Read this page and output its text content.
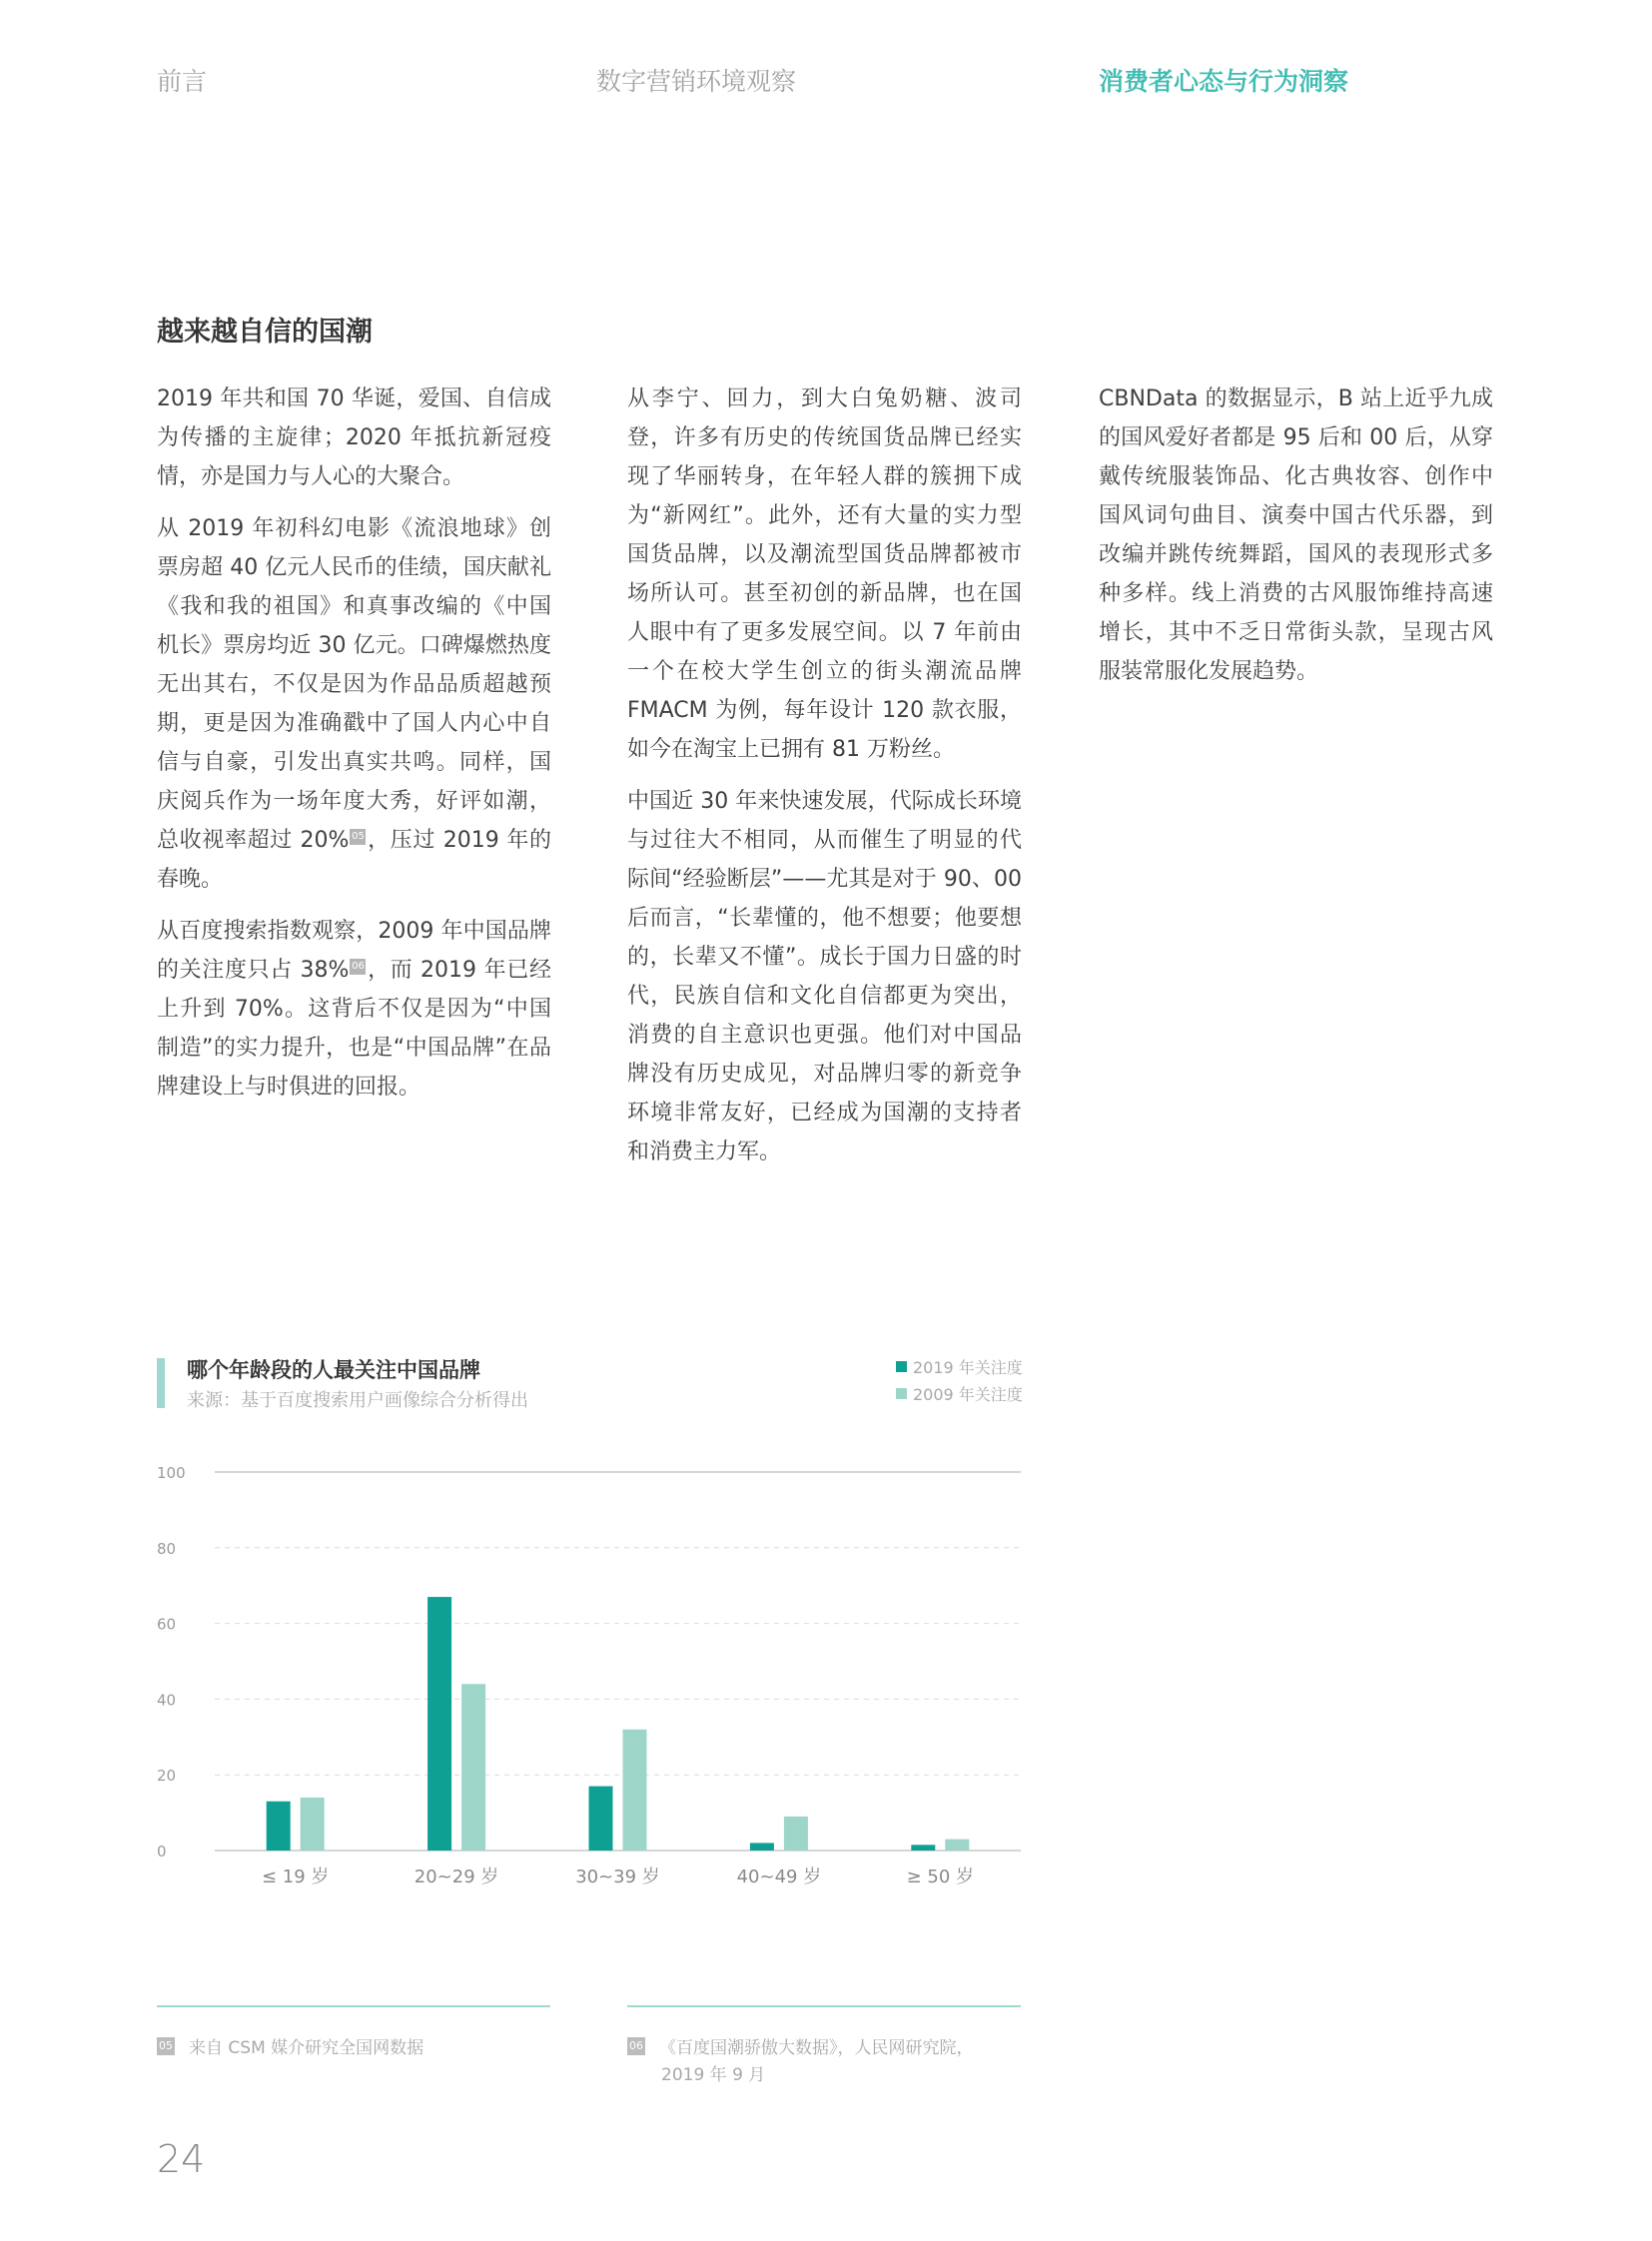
前言	数字营销环境观察	消费者心态与行为洞察
越来越自信的国潮

2019 年共和国 70 华诞，爱国、自信成为传播的主旋律；2020 年抵抗新冠疫情，亦是国力与人心的大聚合。

从 2019 年初科幻电影《流浪地球》创票房超 40 亿元人民币的佳绩，国庆献礼《我和我的祖国》和真事改编的《中国机长》票房均近 30 亿元。口碑爆燃热度无出其右，不仅是因为作品品质超越预期，更是因为准确戳中了国人内心中自信与自豪，引发出真实共鸣。同样，国庆阅兵作为一场年度大秀，好评如潮，总收视率超过 20% 05 ，压过 2019 年的春晚。

从百度搜索指数观察，2009 年中国品牌的关注度只占 38% 06 ，而 2019 年已经上升到 70%。这背后不仅是因为“中国制造”的实力提升，也是“中国品牌”在品牌建设上与时俱进的回报。

从李宁、回力，到大白兔奶糖、波司登，许多有历史的传统国货品牌已经实现了华丽转身，在年轻人群的簇拥下成为“新网红”。此外，还有大量的实力型国货品牌，以及潮流型国货品牌都被市场所认可。甚至初创的新品牌，也在国人眼中有了更多发展空间。以 7 年前由一个在校大学生创立的街头潮流品牌 FMACM 为例，每年设计 120 款衣服，如今在淘宝上已拥有 81 万粉丝。

中国近 30 年来快速发展，代际成长环境与过往大不相同，从而催生了明显的代际间“经验断层”——尤其是对于 90、00 后而言，“长辈懂的，他不想要；他要想的，长辈又不懂”。成长于国力日盛的时代，民族自信和文化自信都更为突出，消费的自主意识也更强。他们对中国品牌没有历史成见，对品牌归零的新竞争环境非常友好，已经成为国潮的支持者和消费主力军。

CBNData 的数据显示，B 站上近乎九成的国风爱好者都是 95 后和 00 后，从穿戴传统服装饰品、化古典妆容、创作中国风词句曲目、演奏中国古代乐器，到改编并跳传统舞蹈，国风的表现形式多种多样。线上消费的古风服饰维持高速增长，其中不乏日常街头款，呈现古风服装常服化发展趋势。

哪个年龄段的人最关注中国品牌
来源：基于百度搜索用户画像综合分析得出
2019 年关注度
2009 年关注度
0
20
40
60
80
100
≤ 19 岁	20~29 岁	30~39 岁	40~49 岁	≥ 50 岁
05 来自 CSM 媒介研究全国网数据	06 《百度国潮骄傲大数据》，人民网研究院，
2019 年 9 月
24
